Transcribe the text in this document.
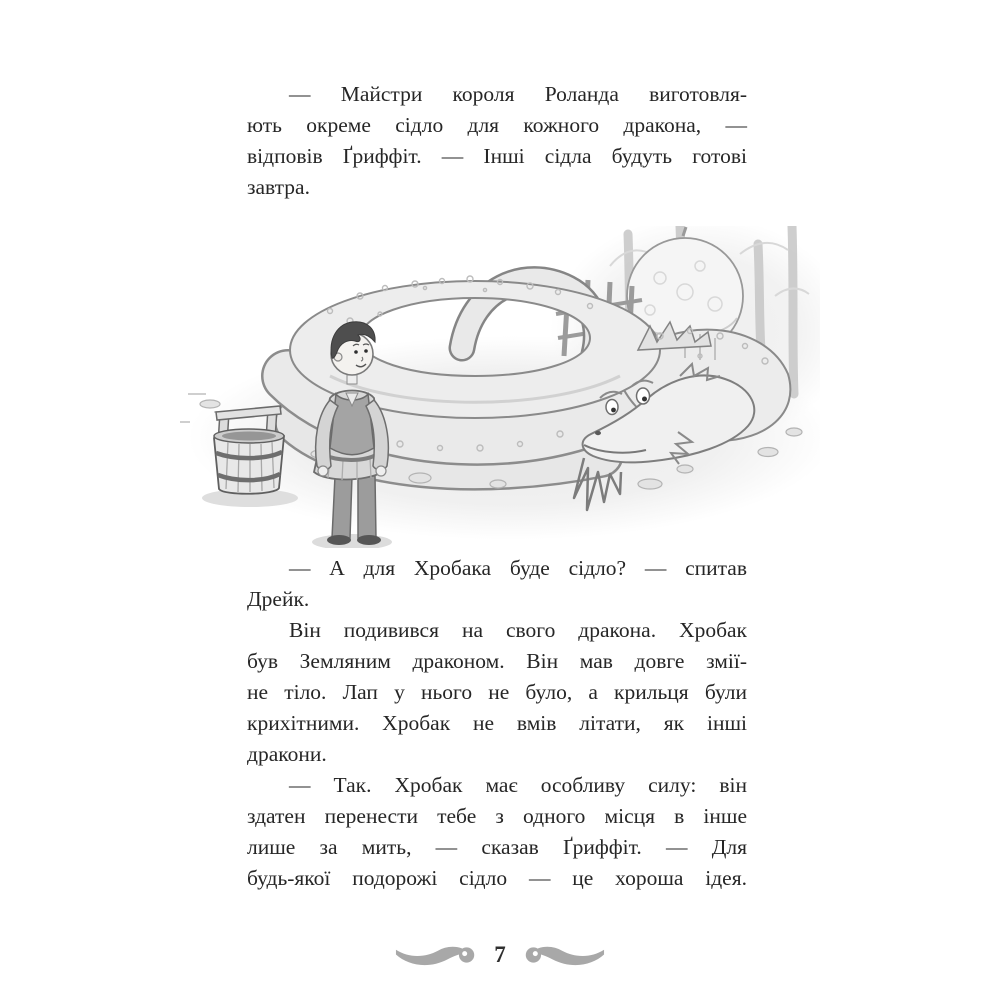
— Майстри короля Роланда виготовля-

ють окреме сідло для кожного дракона, —

відповів Ґриффіт. — Інші сідла будуть готові

завтра.

— А для Хробака буде сідло? — спитав

Дрейк.

Він подивився на свого дракона. Хробак

був Земляним драконом. Він мав довге змії-

не тіло. Лап у нього не було, а крильця були

крихітними. Хробак не вмів літати, як інші

дракони.

— Так. Хробак має особливу силу: він

здатен перенести тебе з одного місця в інше

лише за мить, — сказав Ґриффіт. — Для

будь-якої подорожі сідло — це хороша ідея.

7
